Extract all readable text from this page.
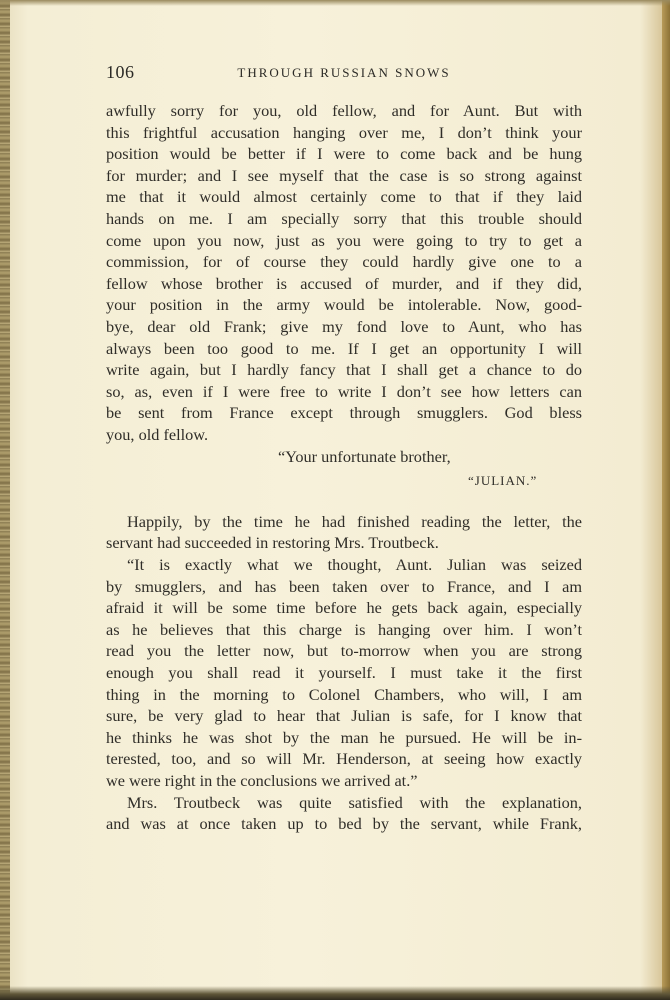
106	THROUGH RUSSIAN SNOWS
awfully sorry for you, old fellow, and for Aunt. But with
this frightful accusation hanging over me, I don’t think your
position would be better if I were to come back and be hung
for murder; and I see myself that the case is so strong against
me that it would almost certainly come to that if they laid
hands on me. I am specially sorry that this trouble should
come upon you now, just as you were going to try to get a
commission, for of course they could hardly give one to a
fellow whose brother is accused of murder, and if they did,
your position in the army would be intolerable. Now, good-
bye, dear old Frank; give my fond love to Aunt, who has
always been too good to me. If I get an opportunity I will
write again, but I hardly fancy that I shall get a chance to do
so, as, even if I were free to write I don’t see how letters can
be sent from France except through smugglers. God bless
you, old fellow.
“Your unfortunate brother,
“JULIAN.”
Happily, by the time he had finished reading the letter, the
servant had succeeded in restoring Mrs. Troutbeck.
“It is exactly what we thought, Aunt. Julian was seized
by smugglers, and has been taken over to France, and I am
afraid it will be some time before he gets back again, especially
as he believes that this charge is hanging over him. I won’t
read you the letter now, but to-morrow when you are strong
enough you shall read it yourself. I must take it the first
thing in the morning to Colonel Chambers, who will, I am
sure, be very glad to hear that Julian is safe, for I know that
he thinks he was shot by the man he pursued. He will be in-
terested, too, and so will Mr. Henderson, at seeing how exactly
we were right in the conclusions we arrived at.”
Mrs. Troutbeck was quite satisfied with the explanation,
and was at once taken up to bed by the servant, while Frank,
